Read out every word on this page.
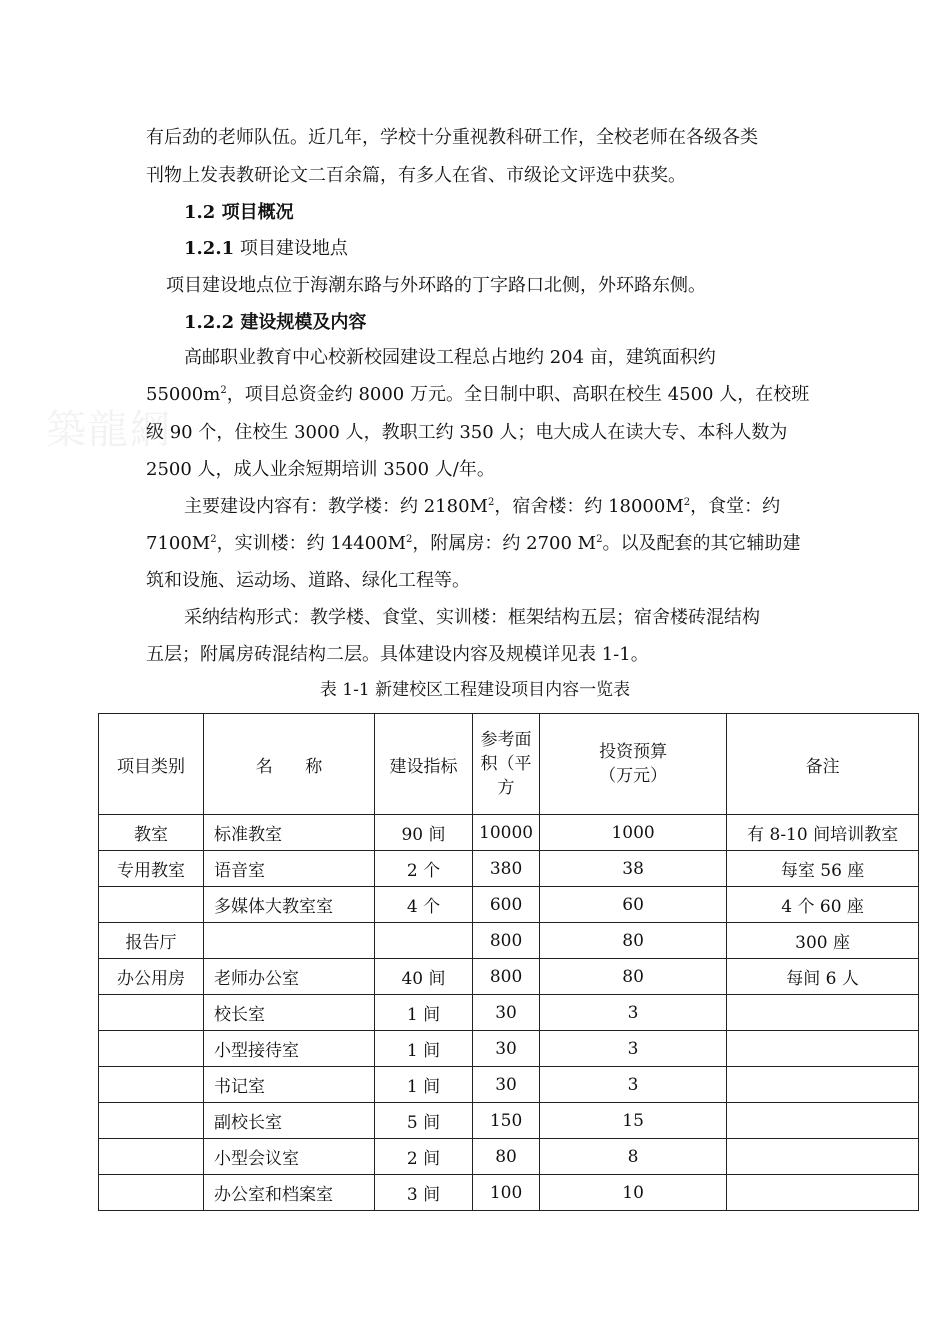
築龍網
有后劲的老师队伍。近几年，学校十分重视教科研工作，全校老师在各级各类
刊物上发表教研论文二百余篇，有多人在省、市级论文评选中获奖。
1.2 项目概况
1.2.1 项目建设地点
项目建设地点位于海潮东路与外环路的丁字路口北侧，外环路东侧。
1.2.2 建设规模及内容
高邮职业教育中心校新校园建设工程总占地约 204 亩，建筑面积约
$55000m^2$，项目总资金约 8000 万元。全日制中职、高职在校生 4500 人，在校班
级 90 个，住校生 3000 人，教职工约 350 人；电大成人在读大专、本科人数为
2500 人，成人业余短期培训 3500 人/年。
主要建设内容有：教学楼：约 $2180M^2$，宿舍楼：约 $18000M^2$，食堂：约
$7100M^2$，实训楼：约 $14400M^2$，附属房：约 2700 $M^2$。以及配套的其它辅助建
筑和设施、运动场、道路、绿化工程等。
采纳结构形式：教学楼、食堂、实训楼：框架结构五层；宿舍楼砖混结构
五层；附属房砖混结构二层。具体建设内容及规模详见表 1-1。
表 1-1 新建校区工程建设项目内容一览表
项目类别	名      称	建设指标	参考面积（平方	投资预算（万元）	备注
教室	标准教室	90 间	10000	1000	有 8-10 间培训教室
专用教室	语音室	2 个	380	38	每室 56 座
	多媒体大教室室	4 个	600	60	4 个 60 座
报告厅			800	80	300 座
办公用房	老师办公室	40 间	800	80	每间 6 人
	校长室	1 间	30	3	
	小型接待室	1 间	30	3	
	书记室	1 间	30	3	
	副校长室	5 间	150	15	
	小型会议室	2 间	80	8	
	办公室和档案室	3 间	100	10	
